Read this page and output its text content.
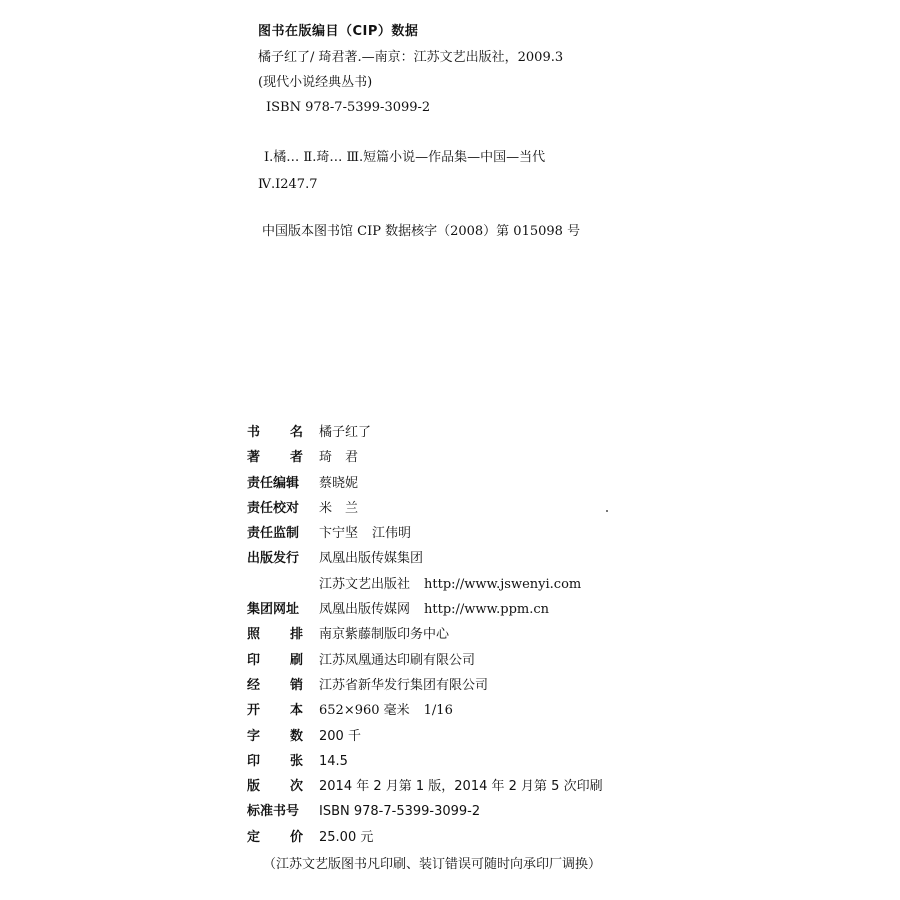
图书在版编目（CIP）数据
橘子红了/ 琦君著.—南京：江苏文艺出版社，2009.3
(现代小说经典丛书)
ISBN 978-7-5399-3099-2
Ⅰ.橘… Ⅱ.琦… Ⅲ.短篇小说—作品集—中国—当代
Ⅳ.I247.7
中国版本图书馆 CIP 数据核字（2008）第 015098 号
书 名	橘子红了
著 者	琦　君
责任编辑	蔡晓妮
责任校对	米　兰
责任监制	卞宁坚 江伟明
出版发行	凤凰出版传媒集团
江苏文艺出版社 http://www.jswenyi.com
集团网址	凤凰出版传媒网 http://www.ppm.cn
照 排	南京紫藤制版印务中心
印 刷	江苏凤凰通达印刷有限公司
经 销	江苏省新华发行集团有限公司
开 本	652×960 毫米 1/16
字 数	200 千
印 张	14.5
版 次	2014 年 2 月第 1 版，2014 年 2 月第 5 次印刷
标准书号	ISBN 978-7-5399-3099-2
定 价	25.00 元
（江苏文艺版图书凡印刷、装订错误可随时向承印厂调换）
